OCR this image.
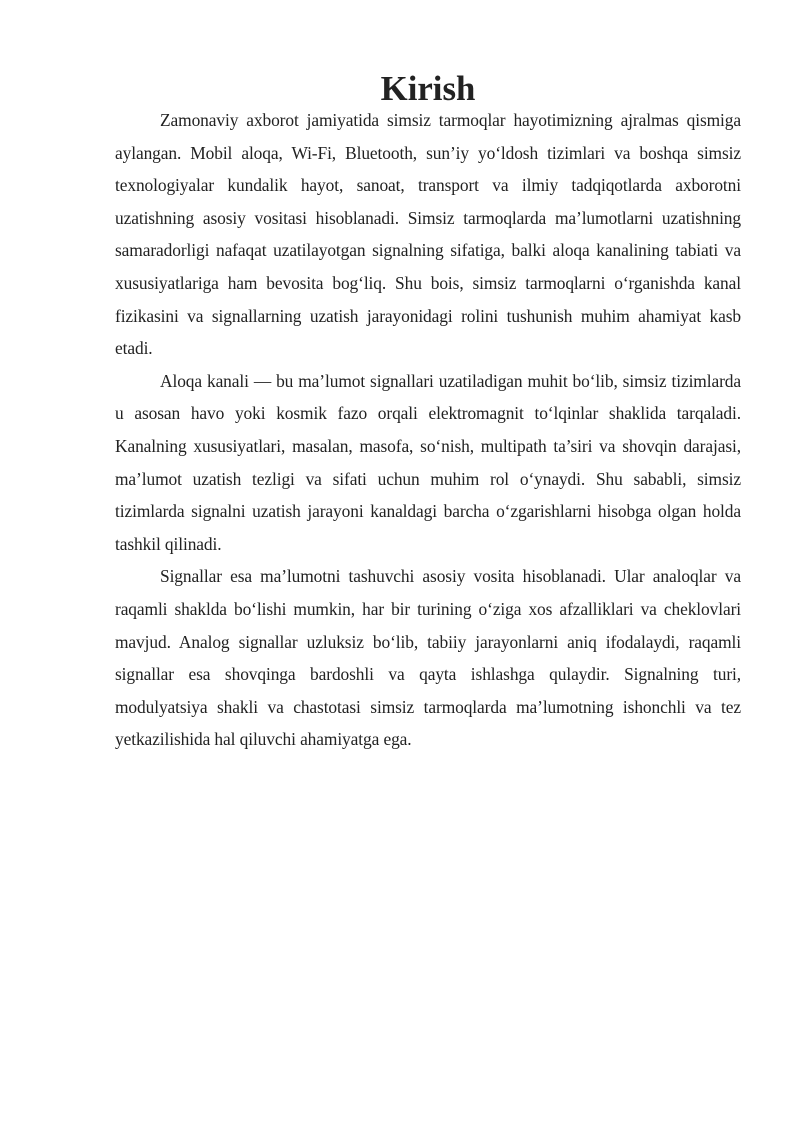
Kirish

Zamonaviy axborot jamiyatida simsiz tarmoqlar hayotimizning ajralmas qismiga aylangan. Mobil aloqa, Wi-Fi, Bluetooth, sun’iy yo‘ldosh tizimlari va boshqa simsiz texnologiyalar kundalik hayot, sanoat, transport va ilmiy tadqiqotlarda axborotni uzatishning asosiy vositasi hisoblanadi. Simsiz tarmoqlarda ma’lumotlarni uzatishning samaradorligi nafaqat uzatilayotgan signalning sifatiga, balki aloqa kanalining tabiati va xususiyatlariga ham bevosita bog‘liq. Shu bois, simsiz tarmoqlarni o‘rganishda kanal fizikasini va signallarning uzatish jarayonidagi rolini tushunish muhim ahamiyat kasb etadi.

Aloqa kanali — bu ma’lumot signallari uzatiladigan muhit bo‘lib, simsiz tizimlarda u asosan havo yoki kosmik fazo orqali elektromagnit to‘lqinlar shaklida tarqaladi. Kanalning xususiyatlari, masalan, masofa, so‘nish, multipath ta’siri va shovqin darajasi, ma’lumot uzatish tezligi va sifati uchun muhim rol o‘ynaydi. Shu sababli, simsiz tizimlarda signalni uzatish jarayoni kanaldagi barcha o‘zgarishlarni hisobga olgan holda tashkil qilinadi.

Signallar esa ma’lumotni tashuvchi asosiy vosita hisoblanadi. Ular analoqlar va raqamli shaklda bo‘lishi mumkin, har bir turining o‘ziga xos afzalliklari va cheklovlari mavjud. Analog signallar uzluksiz bo‘lib, tabiiy jarayonlarni aniq ifodalaydi, raqamli signallar esa shovqinga bardoshli va qayta ishlashga qulaydir. Signalning turi, modulyatsiya shakli va chastotasi simsiz tarmoqlarda ma’lumotning ishonchli va tez yetkazilishida hal qiluvchi ahamiyatga ega.
